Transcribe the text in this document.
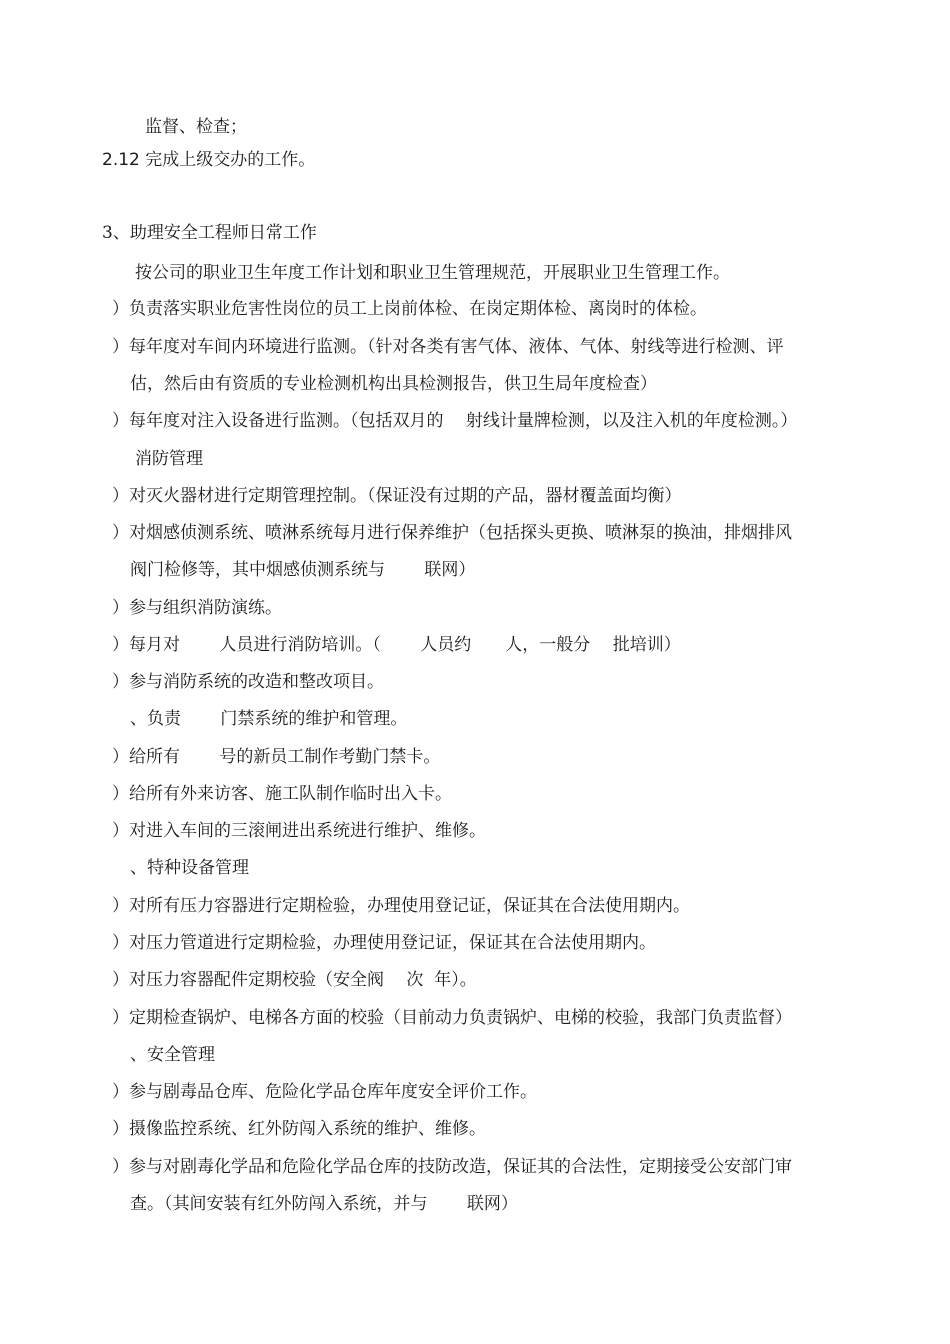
监督、检查；
2.12 完成上级交办的工作。
3、助理安全工程师日常工作
按公司的职业卫生年度工作计划和职业卫生管理规范，开展职业卫生管理工作。
）负责落实职业危害性岗位的员工上岗前体检、在岗定期体检、离岗时的体检。
）每年度对车间内环境进行监测。（针对各类有害气体、液体、气体、射线等进行检测、评
估，然后由有资质的专业检测机构出具检测报告，供卫生局年度检查）
）每年度对注入设备进行监测。（包括双月的　 射线计量牌检测，以及注入机的年度检测。）
消防管理
）对灭火器材进行定期管理控制。（保证没有过期的产品，器材覆盖面均衡）
）对烟感侦测系统、喷淋系统每月进行保养维护（包括探头更换、喷淋泵的换油，排烟排风
阀门检修等，其中烟感侦测系统与　　 联网）
）参与组织消防演练。
）每月对　　 人员进行消防培训。（　　 人员约　　人，一般分　 批培训）
）参与消防系统的改造和整改项目。
、负责　　 门禁系统的维护和管理。
）给所有　　 号的新员工制作考勤门禁卡。
）给所有外来访客、施工队制作临时出入卡。
）对进入车间的三滚闸进出系统进行维护、维修。
、特种设备管理
）对所有压力容器进行定期检验，办理使用登记证，保证其在合法使用期内。
）对压力管道进行定期检验，办理使用登记证，保证其在合法使用期内。
）对压力容器配件定期校验（安全阀　 次  年）。
）定期检查锅炉、电梯各方面的校验（目前动力负责锅炉、电梯的校验，我部门负责监督）
、安全管理
）参与剧毒品仓库、危险化学品仓库年度安全评价工作。
）摄像监控系统、红外防闯入系统的维护、维修。
）参与对剧毒化学品和危险化学品仓库的技防改造，保证其的合法性，定期接受公安部门审
查。（其间安装有红外防闯入系统，并与　　 联网）
